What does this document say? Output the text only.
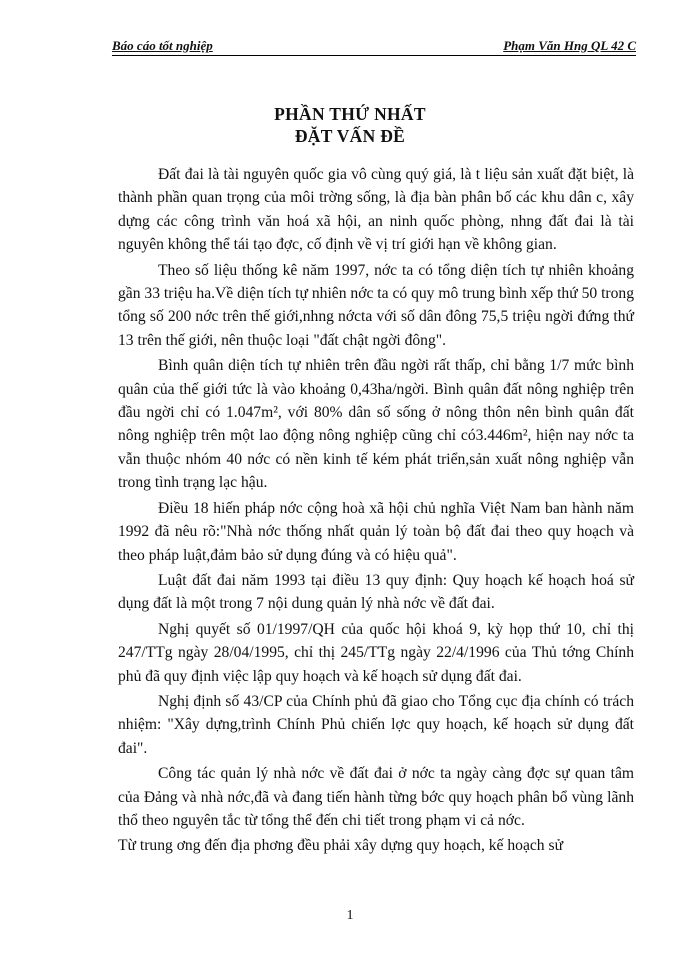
Báo cáo tốt nghiệp	Phạm Văn Hng QL 42 C
PHẦN THỨ NHẤT
ĐẶT VẤN ĐỀ

Đất đai là tài nguyên quốc gia vô cùng quý giá, là t liệu sản xuất đặt biệt, là thành phần quan trọng của môi trờng sống, là địa bàn phân bố các khu dân c, xây dựng các công trình văn hoá xã hội, an ninh quốc phòng, nhng đất đai là tài nguyên không thể tái tạo đợc, cố định về vị trí giới hạn về không gian.

Theo số liệu thống kê năm 1997, nớc ta có tổng diện tích tự nhiên khoảng gần 33 triệu ha.Về diện tích tự nhiên nớc ta có quy mô trung bình xếp thứ 50 trong tổng số 200 nớc trên thế giới,nhng nớcta với số dân đông 75,5 triệu ngời đứng thứ 13 trên thế giới, nên thuộc loại "đất chật ngời đông".

Bình quân diện tích tự nhiên trên đầu ngời rất thấp, chỉ bằng 1/7 mức bình quân của thế giới tức là vào khoảng 0,43ha/ngời. Bình quân đất nông nghiệp trên đầu ngời chỉ có 1.047m², với 80% dân số sống ở nông thôn nên bình quân đất nông nghiệp trên một lao động nông nghiệp cũng chỉ có3.446m², hiện nay nớc ta vẫn thuộc nhóm 40 nớc có nền kinh tế kém phát triển,sản xuất nông nghiệp vẫn trong tình trạng lạc hậu.

Điều 18 hiến pháp nớc cộng hoà xã hội chủ nghĩa Việt Nam ban hành năm 1992 đã nêu rõ:"Nhà nớc thống nhất quản lý toàn bộ đất đai theo quy hoạch và theo pháp luật,đảm bảo sử dụng đúng và có hiệu quả".

Luật đất đai năm 1993 tại điều 13 quy định: Quy hoạch kế hoạch hoá sử dụng đất là một trong 7 nội dung quản lý nhà nớc về đất đai.

Nghị quyết số 01/1997/QH của quốc hội khoá 9, kỳ họp thứ 10, chỉ thị 247/TTg ngày 28/04/1995, chỉ thị 245/TTg ngày 22/4/1996 của Thủ tớng Chính phủ đã quy định việc lập quy hoạch và kế hoạch sử dụng đất đai.

Nghị định số 43/CP của Chính phủ đã giao cho Tổng cục địa chính có trách nhiệm: "Xây dựng,trình Chính Phủ chiến lợc quy hoạch, kế hoạch sử dụng đất đai".

Công tác quản lý nhà nớc về đất đai ở nớc ta ngày càng đợc sự quan tâm của Đảng và nhà nớc,đã và đang tiến hành từng bớc quy hoạch phân bổ vùng lãnh thổ theo nguyên tắc từ tổng thể đến chi tiết trong phạm vi cả nớc.

Từ trung ơng đến địa phơng đều phải xây dựng quy hoạch, kế hoạch sử

1
